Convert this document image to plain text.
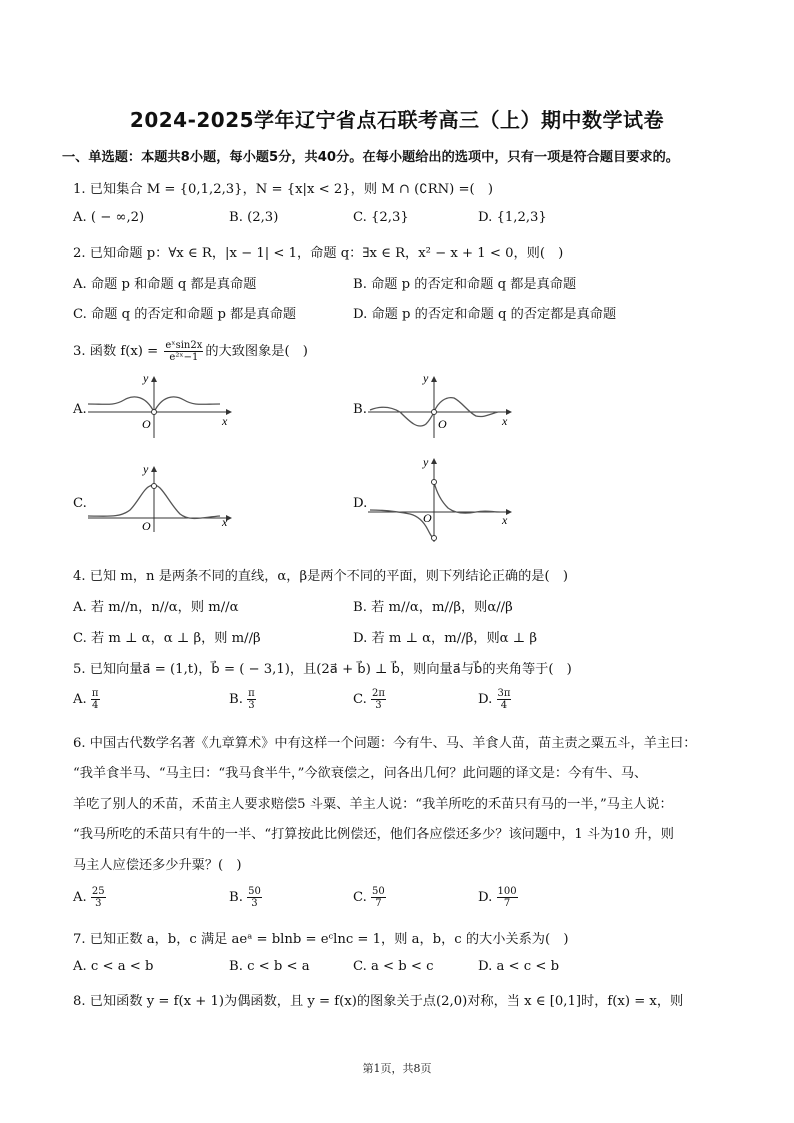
2024-2025学年辽宁省点石联考高三（上）期中数学试卷
一、单选题：本题共8小题，每小题5分，共40分。在每小题给出的选项中，只有一项是符合题目要求的。
1. 已知集合 M = {0,1,2,3}，N = {x|x < 2}，则 M ∩ (∁RN) =(　)
A. ( − ∞,2)	B. (2,3)	C. {2,3}	D. {1,2,3}
2. 已知命题 p：∀x ∈ R，|x − 1| < 1，命题 q：∃x ∈ R，x² − x + 1 < 0，则(　)
A. 命题 p 和命题 q 都是真命题	B. 命题 p 的否定和命题 q 都是真命题
C. 命题 q 的否定和命题 p 都是真命题	D. 命题 p 的否定和命题 q 的否定都是真命题
3. 函数 $f(x) = \frac{\text{eˣsin2x}}{\text{e²ˣ−1}}$ 的大致图象是(　)
A.	B.
C.	D.
y
x
O
y
x
O
y
x
O
y
x
O
4. 已知 m，n 是两条不同的直线，α，β是两个不同的平面，则下列结论正确的是(　)
A. 若 m//n，n//α，则 m//α	B. 若 m//α，m//β，则α//β
C. 若 m ⊥ α，α ⊥ β，则 m//β	D. 若 m ⊥ α，m//β，则α ⊥ β
5. 已知向量a⃗ = (1,t)，b⃗ = ( − 3,1)，且(2a⃗ + b⃗) ⊥ b⃗，则向量a⃗与b⃗的夹角等于(　)
A. $\frac{\pi}{4}$	B. $\frac{\pi}{3}$	C. $\frac{2\pi}{3}$	D. $\frac{3\pi}{4}$
6. 中国古代数学名著《九章算术》中有这样一个问题：今有牛、马、羊食人苗，苗主责之粟五斗，羊主曰：
“我羊食半马、“马主曰：“我马食半牛，”今欲衰偿之，问各出几何？此问题的译文是：今有牛、马、
羊吃了别人的禾苗，禾苗主人要求赔偿5 斗粟、羊主人说：“我羊所吃的禾苗只有马的一半，”马主人说：
“我马所吃的禾苗只有牛的一半、“打算按此比例偿还，他们各应偿还多少？该问题中，1 斗为10 升，则
马主人应偿还多少升粟？(　)
A. $\frac{25}{3}$	B. $\frac{50}{3}$	C. $\frac{50}{7}$	D. $\frac{100}{7}$
7. 已知正数 a，b，c 满足 aeᵃ = blnb = eᶜlnc = 1，则 a，b，c 的大小关系为(　)
A. c < a < b	B. c < b < a	C. a < b < c	D. a < c < b
8. 已知函数 y = f(x + 1)为偶函数，且 y = f(x)的图象关于点(2,0)对称，当 x ∈ [0,1]时，f(x) = x，则
第1页，共8页
